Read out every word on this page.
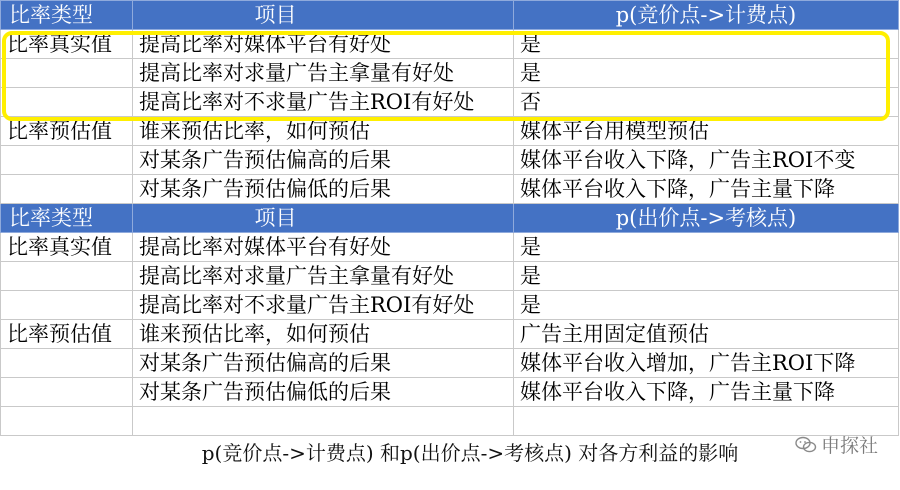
比率类型	项目	p(竞价点->计费点)
比率真实值	提高比率对媒体平台有好处	是
	提高比率对求量广告主拿量有好处	是
	提高比率对不求量广告主ROI有好处	否
比率预估值	谁来预估比率，如何预估	媒体平台用模型预估
	对某条广告预估偏高的后果	媒体平台收入下降，广告主ROI不变
	对某条广告预估偏低的后果	媒体平台收入下降，广告主量下降
比率类型	项目	p(出价点->考核点)
比率真实值	提高比率对媒体平台有好处	是
	提高比率对求量广告主拿量有好处	是
	提高比率对不求量广告主ROI有好处	是
比率预估值	谁来预估比率，如何预估	广告主用固定值预估
	对某条广告预估偏高的后果	媒体平台收入增加，广告主ROI下降
	对某条广告预估偏低的后果	媒体平台收入下降，广告主量下降

p(竞价点->计费点) 和p(出价点->考核点) 对各方利益的影响	申探社
